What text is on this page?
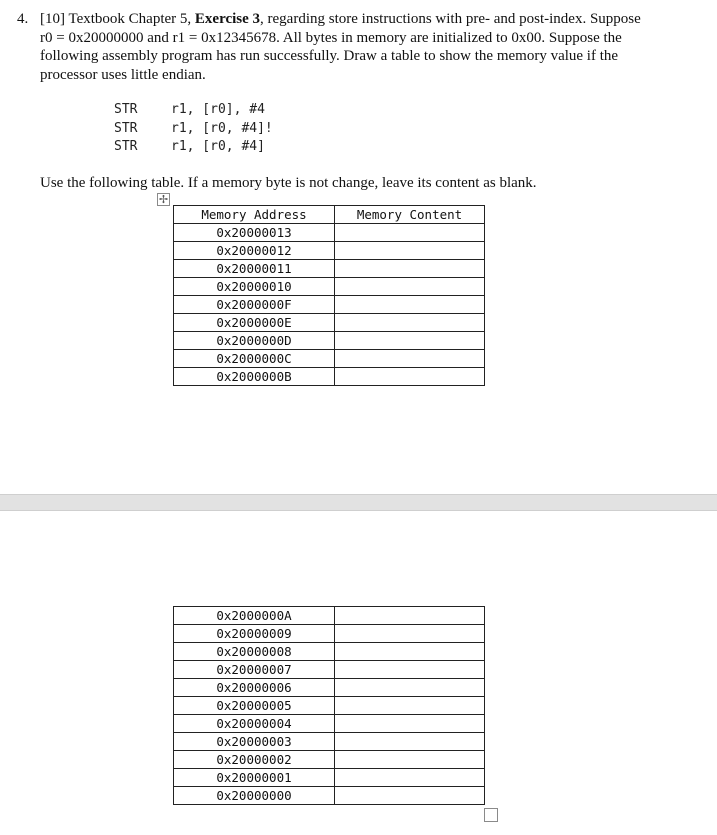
4. [10] Textbook Chapter 5, Exercise 3, regarding store instructions with pre- and post-index. Suppose r0 = 0x20000000 and r1 = 0x12345678. All bytes in memory are initialized to 0x00. Suppose the following assembly program has run successfully. Draw a table to show the memory value if the processor uses little endian.
STR	r1, [r0], #4
STR	r1, [r0, #4]!
STR	r1, [r0, #4]
Use the following table. If a memory byte is not change, leave its content as blank.
✢
Memory Address	Memory Content
0x20000013	
0x20000012	
0x20000011	
0x20000010	
0x2000000F	
0x2000000E	
0x2000000D	
0x2000000C	
0x2000000B	
0x2000000A	
0x20000009	
0x20000008	
0x20000007	
0x20000006	
0x20000005	
0x20000004	
0x20000003	
0x20000002	
0x20000001	
0x20000000	
